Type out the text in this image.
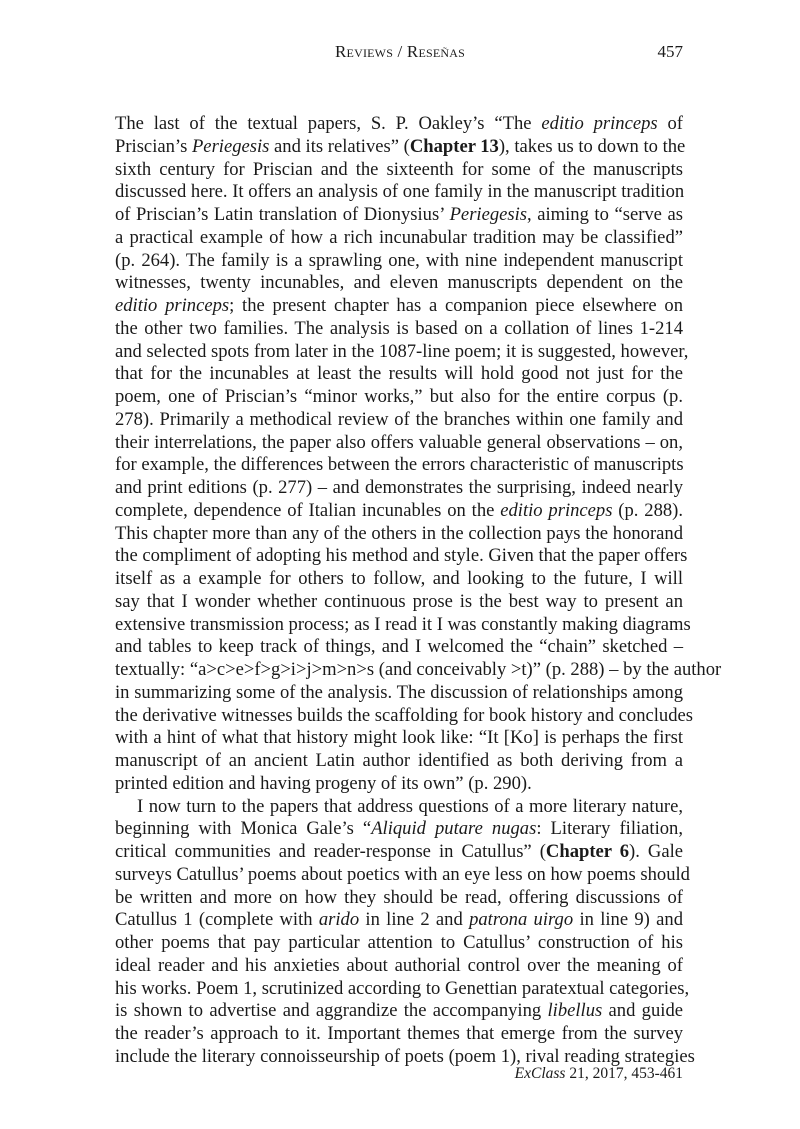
Reviews / Reseñas	457
The last of the textual papers, S. P. Oakley’s “The editio princeps of
Priscian’s Periegesis and its relatives” (Chapter 13), takes us to down to the
sixth century for Priscian and the sixteenth for some of the manuscripts
discussed here. It offers an analysis of one family in the manuscript tradition
of Priscian’s Latin translation of Dionysius’ Periegesis, aiming to “serve as
a practical example of how a rich incunabular tradition may be classified”
(p. 264). The family is a sprawling one, with nine independent manuscript
witnesses, twenty incunables, and eleven manuscripts dependent on the
editio princeps; the present chapter has a companion piece elsewhere on
the other two families. The analysis is based on a collation of lines 1-214
and selected spots from later in the 1087-line poem; it is suggested, however,
that for the incunables at least the results will hold good not just for the
poem, one of Priscian’s “minor works,” but also for the entire corpus (p.
278). Primarily a methodical review of the branches within one family and
their interrelations, the paper also offers valuable general observations – on,
for example, the differences between the errors characteristic of manuscripts
and print editions (p. 277) – and demonstrates the surprising, indeed nearly
complete, dependence of Italian incunables on the editio princeps (p. 288).
This chapter more than any of the others in the collection pays the honorand
the compliment of adopting his method and style. Given that the paper offers
itself as a example for others to follow, and looking to the future, I will
say that I wonder whether continuous prose is the best way to present an
extensive transmission process; as I read it I was constantly making diagrams
and tables to keep track of things, and I welcomed the “chain” sketched –
textually: “a>c>e>f>g>i>j>m>n>s (and conceivably >t)” (p. 288) – by the author
in summarizing some of the analysis. The discussion of relationships among
the derivative witnesses builds the scaffolding for book history and concludes
with a hint of what that history might look like: “It [Ko] is perhaps the first
manuscript of an ancient Latin author identified as both deriving from a
printed edition and having progeny of its own” (p. 290).
I now turn to the papers that address questions of a more literary nature,
beginning with Monica Gale’s “Aliquid putare nugas: Literary filiation,
critical communities and reader-response in Catullus” (Chapter 6). Gale
surveys Catullus’ poems about poetics with an eye less on how poems should
be written and more on how they should be read, offering discussions of
Catullus 1 (complete with arido in line 2 and patrona uirgo in line 9) and
other poems that pay particular attention to Catullus’ construction of his
ideal reader and his anxieties about authorial control over the meaning of
his works. Poem 1, scrutinized according to Genettian paratextual categories,
is shown to advertise and aggrandize the accompanying libellus and guide
the reader’s approach to it. Important themes that emerge from the survey
include the literary connoisseurship of poets (poem 1), rival reading strategies
ExClass 21, 2017, 453-461
